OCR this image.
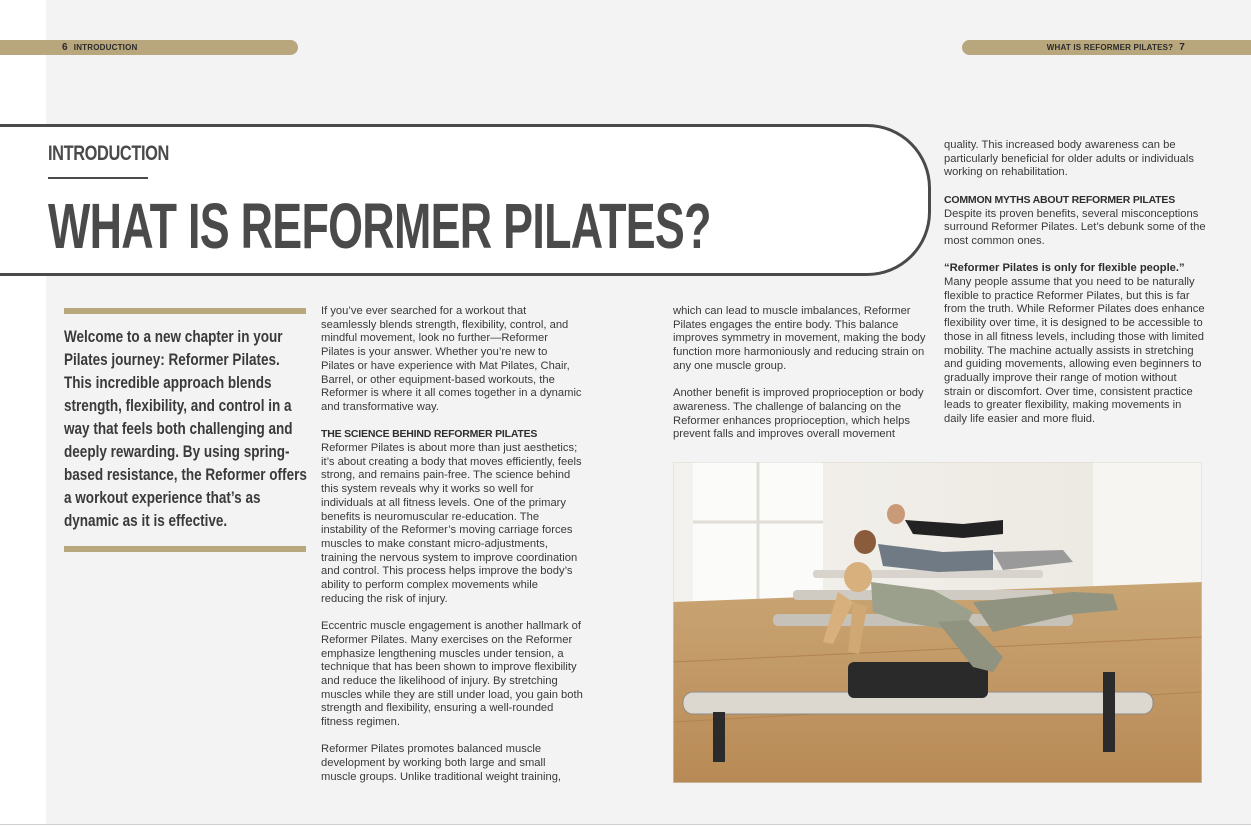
6 INTRODUCTION	WHAT IS REFORMER PILATES? 7
INTRODUCTION
WHAT IS REFORMER PILATES?
Welcome to a new chapter in your Pilates journey: Reformer Pilates. This incredible approach blends strength, flexibility, and control in a way that feels both challenging and deeply rewarding. By using spring-based resistance, the Reformer offers a workout experience that’s as dynamic as it is effective.

If you’ve ever searched for a workout that seamlessly blends strength, flexibility, control, and mindful movement, look no further—Reformer Pilates is your answer. Whether you’re new to Pilates or have experience with Mat Pilates, Chair, Barrel, or other equipment-based workouts, the Reformer is where it all comes together in a dynamic and transformative way.

THE SCIENCE BEHIND REFORMER PILATES

Reformer Pilates is about more than just aesthetics; it’s about creating a body that moves efficiently, feels strong, and remains pain-free. The science behind this system reveals why it works so well for individuals at all fitness levels. One of the primary benefits is neuromuscular re-education. The instability of the Reformer’s moving carriage forces muscles to make constant micro-adjustments, training the nervous system to improve coordination and control. This process helps improve the body’s ability to perform complex movements while reducing the risk of injury.

Eccentric muscle engagement is another hallmark of Reformer Pilates. Many exercises on the Reformer emphasize lengthening muscles under tension, a technique that has been shown to improve flexibility and reduce the likelihood of injury. By stretching muscles while they are still under load, you gain both strength and flexibility, ensuring a well-rounded fitness regimen.

Reformer Pilates promotes balanced muscle development by working both large and small muscle groups. Unlike traditional weight training,

which can lead to muscle imbalances, Reformer Pilates engages the entire body. This balance improves symmetry in movement, making the body function more harmoniously and reducing strain on any one muscle group.

Another benefit is improved proprioception or body awareness. The challenge of balancing on the Reformer enhances proprioception, which helps prevent falls and improves overall movement

quality. This increased body awareness can be particularly beneficial for older adults or individuals working on rehabilitation.

COMMON MYTHS ABOUT REFORMER PILATES

Despite its proven benefits, several misconceptions surround Reformer Pilates. Let’s debunk some of the most common ones.

“Reformer Pilates is only for flexible people.”

Many people assume that you need to be naturally flexible to practice Reformer Pilates, but this is far from the truth. While Reformer Pilates does enhance flexibility over time, it is designed to be accessible to those in all fitness levels, including those with limited mobility. The machine actually assists in stretching and guiding movements, allowing even beginners to gradually improve their range of motion without strain or discomfort. Over time, consistent practice leads to greater flexibility, making movements in daily life easier and more fluid.
